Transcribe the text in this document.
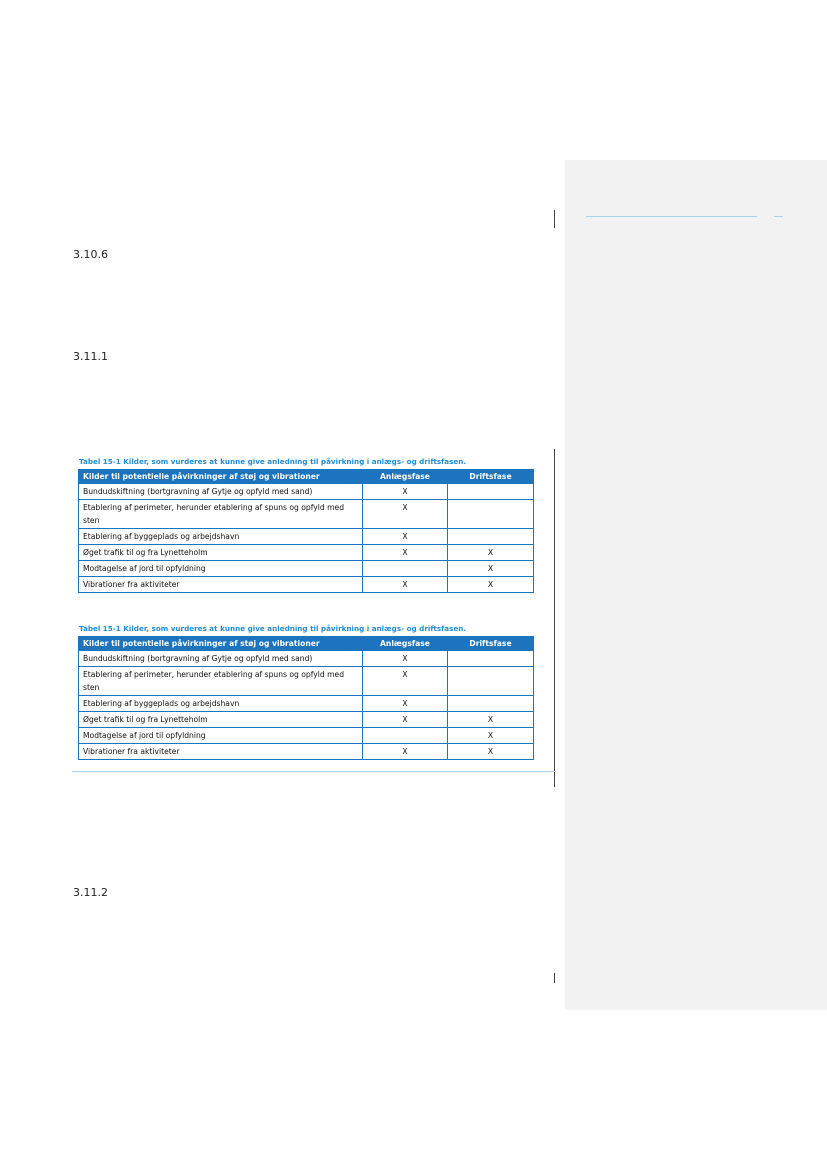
3.10.6
3.11.1
3.11.2
Tabel 15-1 Kilder, som vurderes at kunne give anledning til påvirkning i anlægs- og driftsfasen.
Kilder til potentielle påvirkninger af støj og vibrationer	Anlægsfase	Driftsfase
Bundudskiftning (bortgravning af Gytje og opfyld med sand)	X	
Etablering af perimeter, herunder etablering af spuns og opfyld med sten	X	
Etablering af byggeplads og arbejdshavn	X	
Øget trafik til og fra Lynetteholm	X	X
Modtagelse af jord til opfyldning		X
Vibrationer fra aktiviteter	X	X
Tabel 15-1 Kilder, som vurderes at kunne give anledning til påvirkning i anlægs- og driftsfasen.
Kilder til potentielle påvirkninger af støj og vibrationer	Anlægsfase	Driftsfase
Bundudskiftning (bortgravning af Gytje og opfyld med sand)	X	
Etablering af perimeter, herunder etablering af spuns og opfyld med sten	X	
Etablering af byggeplads og arbejdshavn	X	
Øget trafik til og fra Lynetteholm	X	X
Modtagelse af jord til opfyldning		X
Vibrationer fra aktiviteter	X	X
